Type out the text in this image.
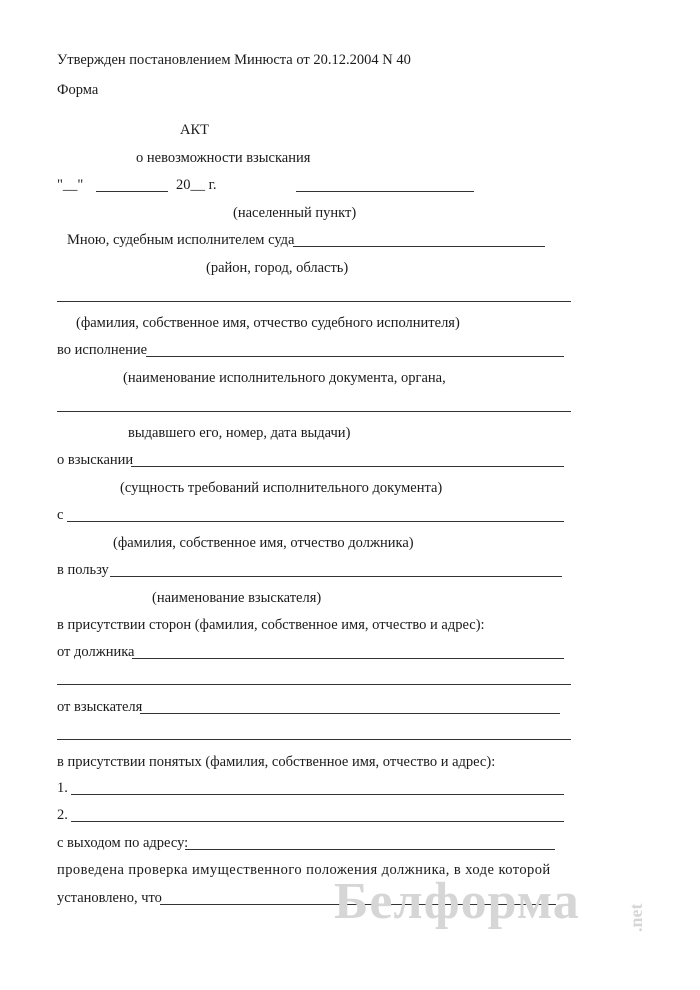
Утвержден постановлением Минюста от 20.12.2004 N 40
Форма
АКТ
о невозможности взыскания
"__"	20__ г.
(населенный пункт)
Мною, судебным исполнителем суда
(район, город, область)
(фамилия, собственное имя, отчество судебного исполнителя)
во исполнение
(наименование исполнительного документа, органа,
выдавшего его, номер, дата выдачи)
о взыскании
(сущность требований исполнительного документа)
с
(фамилия, собственное имя, отчество должника)
в пользу
(наименование взыскателя)
в присутствии сторон (фамилия, собственное имя, отчество и адрес):
от должника
от взыскателя
в присутствии понятых (фамилия, собственное имя, отчество и адрес):
1.
2.
с выходом по адресу:
проведена проверка имущественного положения должника, в ходе которой
установлено, что	Белформа	.net
